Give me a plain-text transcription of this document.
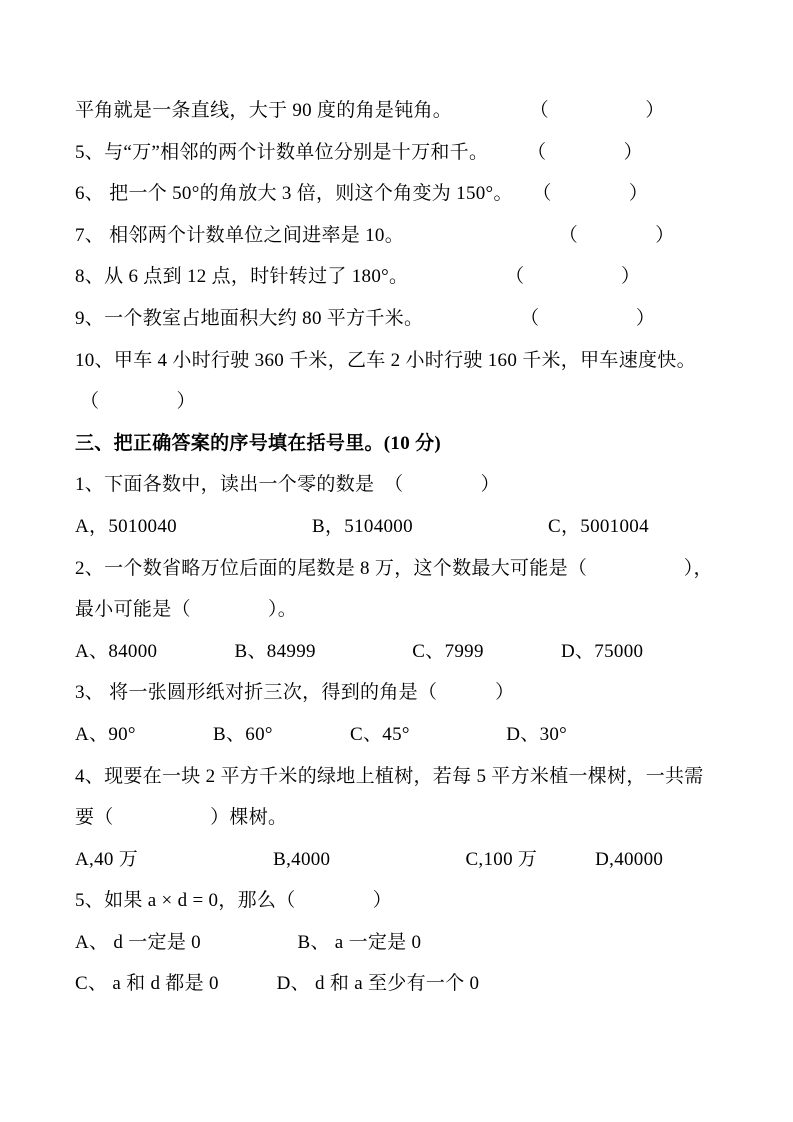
平角就是一条直线，大于 90 度的角是钝角。　　　　　（　　　　　）
5、与“万”相邻的两个计数单位分别是十万和千。　　　（　　　　）
6、 把一个 50°的角放大 3 倍，则这个角变为 150°。　　（　　　　）
7、 相邻两个计数单位之间进率是 10。　　　　　　　　　（　　　　）
8、从 6 点到 12 点，时针转过了 180°。　　　　　　（　　　　　）
9、一个教室占地面积大约 80 平方千米。　　　　　　（　　　　　）
10、甲车 4 小时行驶 360 千米，乙车 2 小时行驶 160 千米，甲车速度快。
（　　　　）
三、把正确答案的序号填在括号里。(10 分)
1、下面各数中，读出一个零的数是　（　　　　）
A，5010040　　　　　　　B，5104000　　　　　　　C，5001004
2、一个数省略万位后面的尾数是 8 万，这个数最大可能是（　　　　　），
最小可能是（　　　　）。
A、84000　　　　B、84999　　　　　C、7999　　　　D、75000
3、 将一张圆形纸对折三次，得到的角是（　　　）
A、90°　　　　B、60°　　　　C、45°　　　　　D、30°
4、现要在一块 2 平方千米的绿地上植树，若每 5 平方米植一棵树，一共需
要（　　　　　）棵树。
A,40 万　　　　　　　B,4000　　　　　　　C,100 万　　　D,40000
5、如果 a × d = 0，那么（　　　　）
A、 d 一定是 0　　　　　B、 a 一定是 0
C、 a 和 d 都是 0　　　D、 d 和 a 至少有一个 0
